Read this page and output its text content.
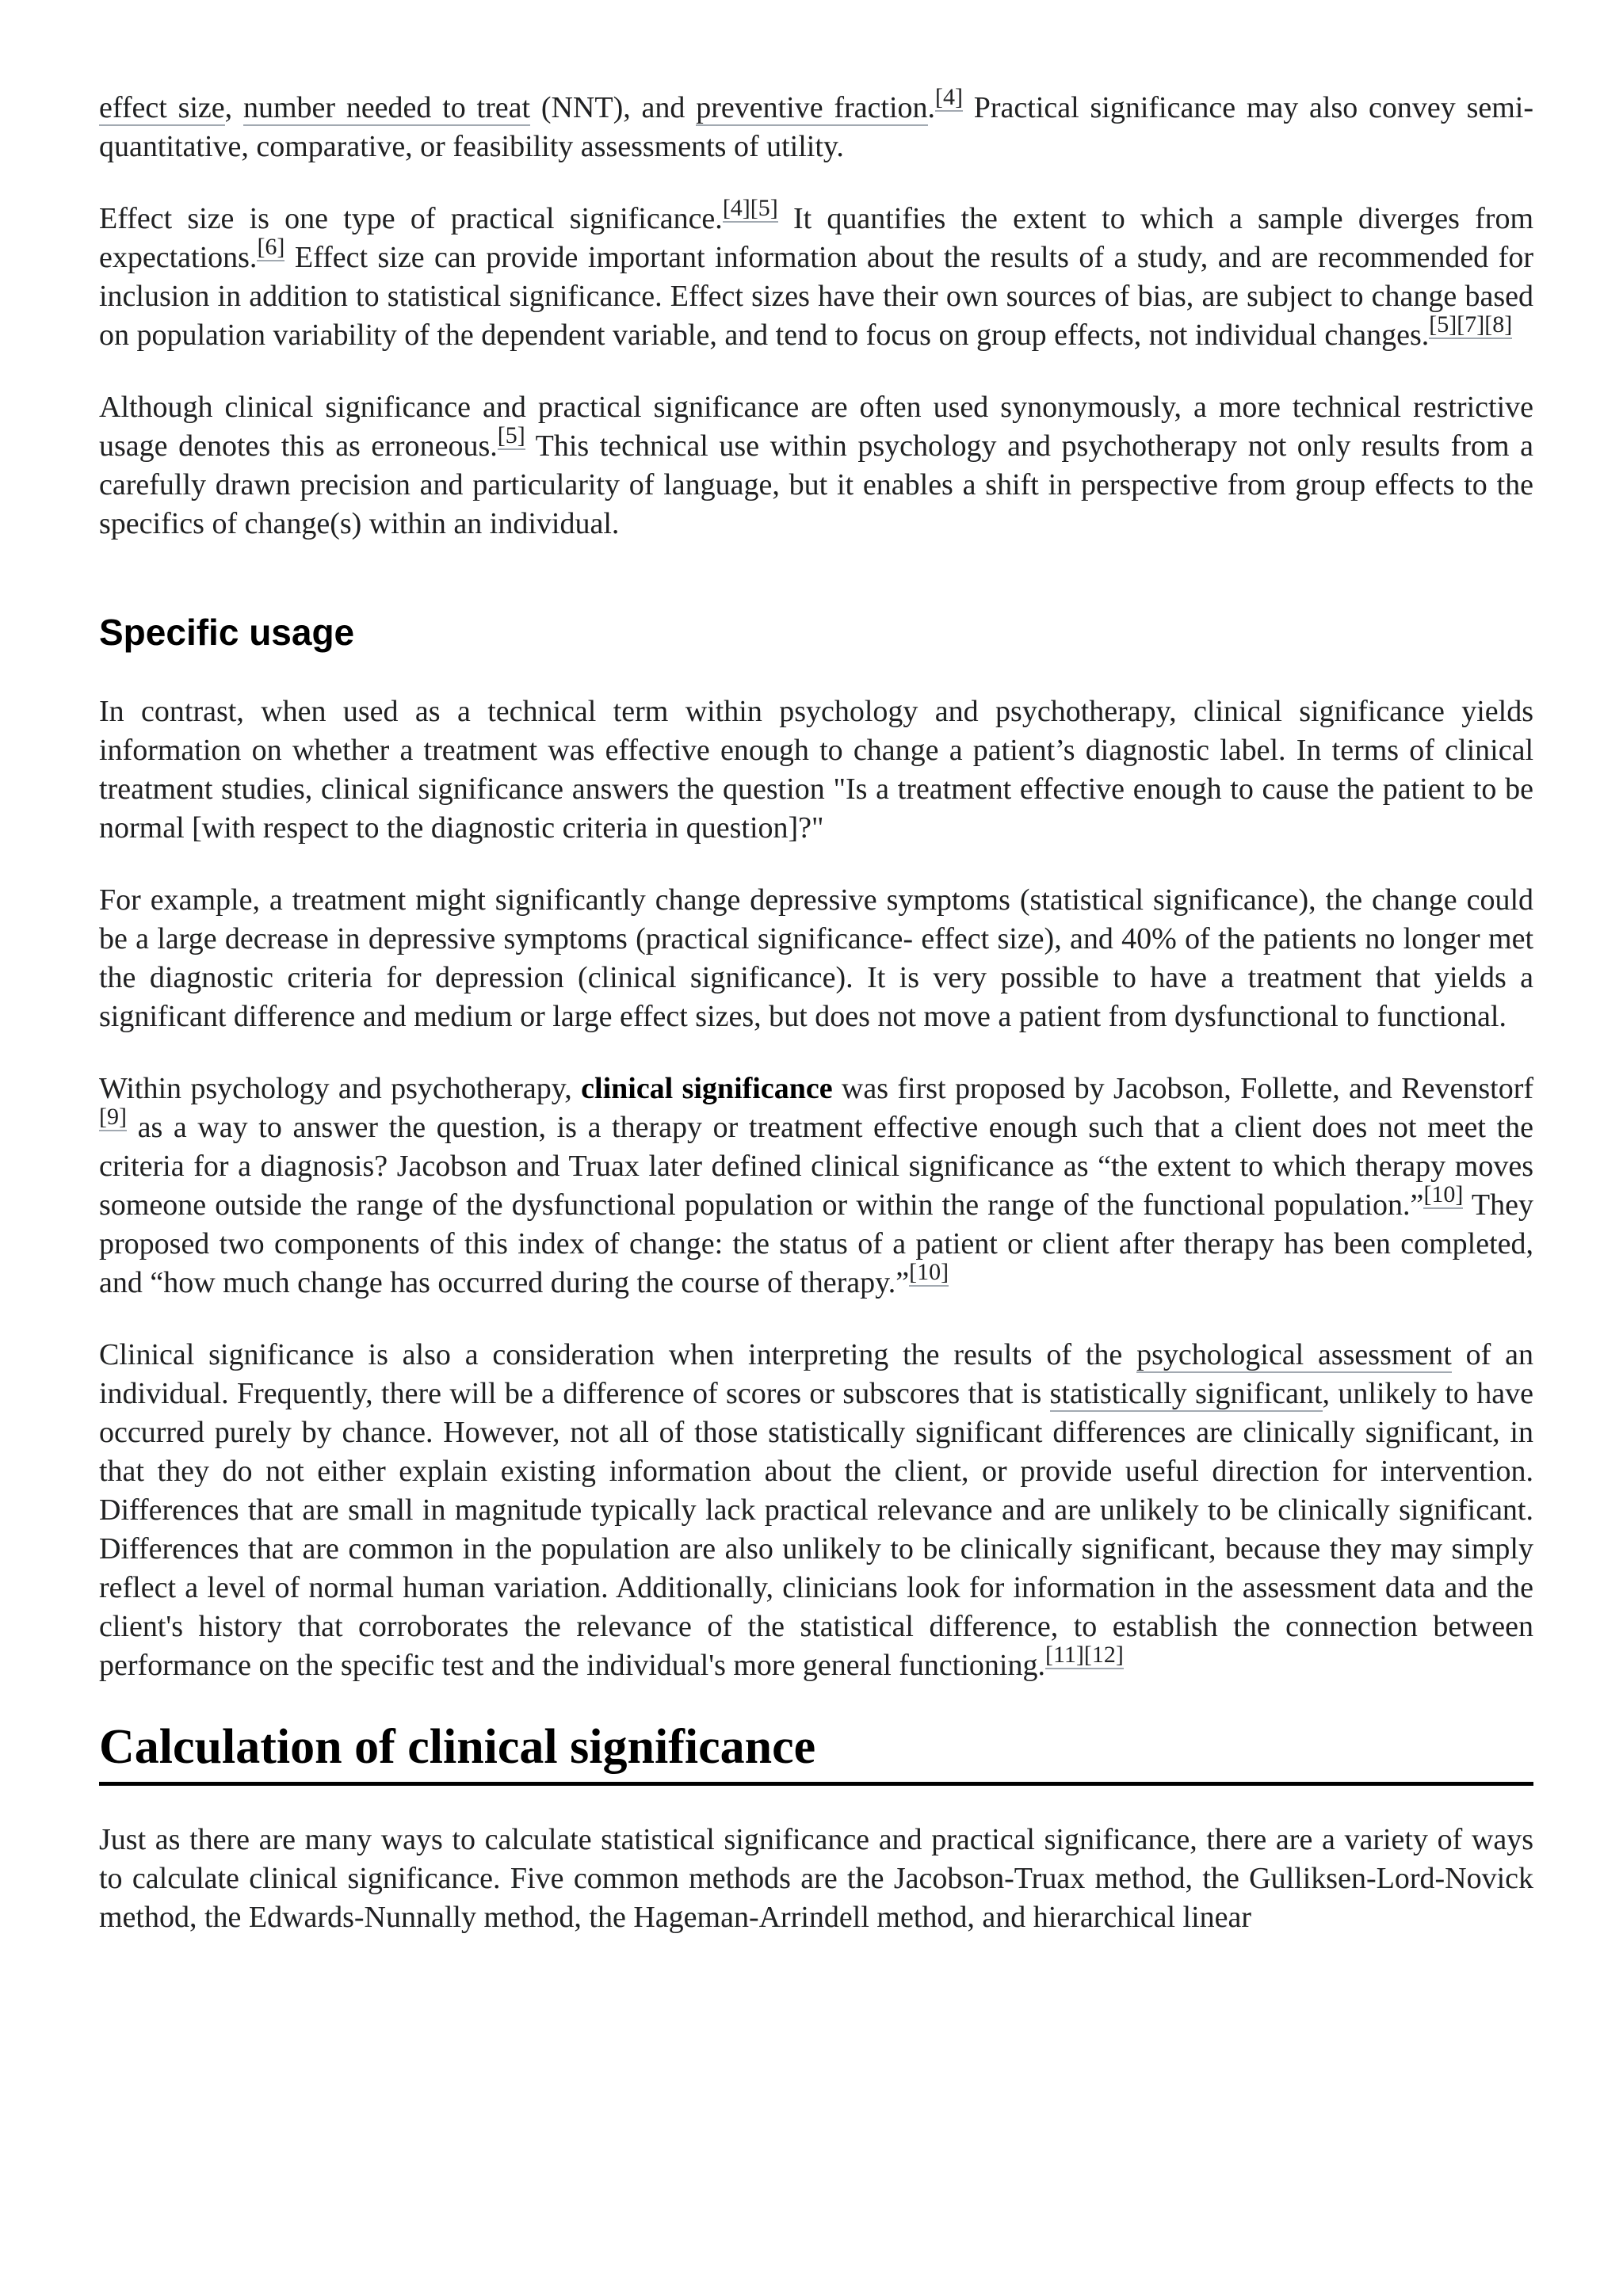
effect size, number needed to treat (NNT), and preventive fraction.[4] Practical significance may also convey semi-quantitative, comparative, or feasibility assessments of utility.

Effect size is one type of practical significance.[4][5] It quantifies the extent to which a sample diverges from expectations.[6] Effect size can provide important information about the results of a study, and are recommended for inclusion in addition to statistical significance. Effect sizes have their own sources of bias, are subject to change based on population variability of the dependent variable, and tend to focus on group effects, not individual changes.[5][7][8]

Although clinical significance and practical significance are often used synonymously, a more technical restrictive usage denotes this as erroneous.[5] This technical use within psychology and psychotherapy not only results from a carefully drawn precision and particularity of language, but it enables a shift in perspective from group effects to the specifics of change(s) within an individual.

Specific usage

In contrast, when used as a technical term within psychology and psychotherapy, clinical significance yields information on whether a treatment was effective enough to change a patient’s diagnostic label. In terms of clinical treatment studies, clinical significance answers the question "Is a treatment effective enough to cause the patient to be normal [with respect to the diagnostic criteria in question]?"

For example, a treatment might significantly change depressive symptoms (statistical significance), the change could be a large decrease in depressive symptoms (practical significance- effect size), and 40% of the patients no longer met the diagnostic criteria for depression (clinical significance). It is very possible to have a treatment that yields a significant difference and medium or large effect sizes, but does not move a patient from dysfunctional to functional.

Within psychology and psychotherapy, clinical significance was first proposed by Jacobson, Follette, and Revenstorf [9] as a way to answer the question, is a therapy or treatment effective enough such that a client does not meet the criteria for a diagnosis? Jacobson and Truax later defined clinical significance as “the extent to which therapy moves someone outside the range of the dysfunctional population or within the range of the functional population.”[10] They proposed two components of this index of change: the status of a patient or client after therapy has been completed, and “how much change has occurred during the course of therapy.”[10]

Clinical significance is also a consideration when interpreting the results of the psychological assessment of an individual. Frequently, there will be a difference of scores or subscores that is statistically significant, unlikely to have occurred purely by chance. However, not all of those statistically significant differences are clinically significant, in that they do not either explain existing information about the client, or provide useful direction for intervention. Differences that are small in magnitude typically lack practical relevance and are unlikely to be clinically significant. Differences that are common in the population are also unlikely to be clinically significant, because they may simply reflect a level of normal human variation. Additionally, clinicians look for information in the assessment data and the client's history that corroborates the relevance of the statistical difference, to establish the connection between performance on the specific test and the individual's more general functioning.[11][12]

Calculation of clinical significance

Just as there are many ways to calculate statistical significance and practical significance, there are a variety of ways to calculate clinical significance. Five common methods are the Jacobson-Truax method, the Gulliksen-Lord-Novick method, the Edwards-Nunnally method, the Hageman-Arrindell method, and hierarchical linear
